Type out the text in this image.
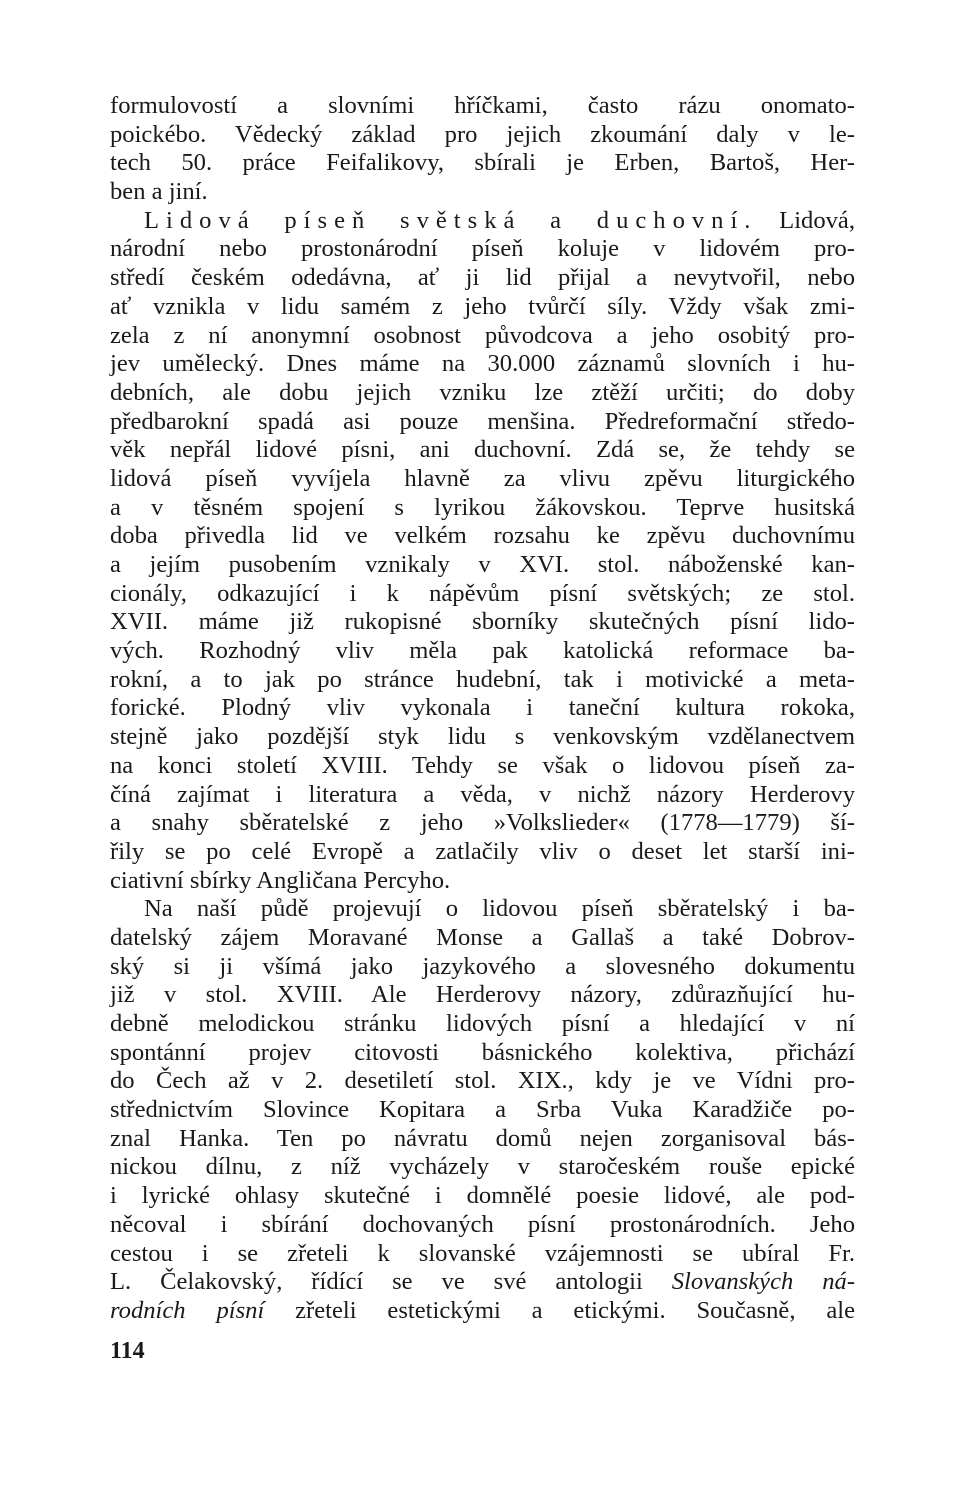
formulovostí a slovními hříčkami, často rázu onomato-
poickébo. Vědecký základ pro jejich zkoumání daly v le-
tech 50. práce Feifalikovy, sbírali je Erben, Bartoš, Her-
ben a jiní.
Lidová píseň světská a duchovní. Lidová,
národní nebo prostonárodní píseň koluje v lidovém pro-
středí českém odedávna, ať ji lid přijal a nevytvořil, nebo
ať vznikla v lidu samém z jeho tvůrčí síly. Vždy však zmi-
zela z ní anonymní osobnost původcova a jeho osobitý pro-
jev umělecký. Dnes máme na 30.000 záznamů slovních i hu-
debních, ale dobu jejich vzniku lze ztěží určiti; do doby
předbarokní spadá asi pouze menšina. Předreformační středo-
věk nepřál lidové písni, ani duchovní. Zdá se, že tehdy se
lidová píseň vyvíjela hlavně za vlivu zpěvu liturgického
a v těsném spojení s lyrikou žákovskou. Teprve husitská
doba přivedla lid ve velkém rozsahu ke zpěvu duchovnímu
a jejím pusobením vznikaly v XVI. stol. náboženské kan-
cionály, odkazující i k nápěvům písní světských; ze stol.
XVII. máme již rukopisné sborníky skutečných písní lido-
vých. Rozhodný vliv měla pak katolická reformace ba-
rokní, a to jak po stránce hudební, tak i motivické a meta-
forické. Plodný vliv vykonala i taneční kultura rokoka,
stejně jako pozdější styk lidu s venkovským vzdělanectvem
na konci století XVIII. Tehdy se však o lidovou píseň za-
číná zajímat i literatura a věda, v nichž názory Herderovy
a snahy sběratelské z jeho »Volkslieder« (1778—1779) ší-
řily se po celé Evropě a zatlačily vliv o deset let starší ini-
ciativní sbírky Angličana Percyho.
Na naší půdě projevují o lidovou píseň sběratelský i ba-
datelský zájem Moravané Monse a Gallaš a také Dobrov-
ský si ji všímá jako jazykového a slovesného dokumentu
již v stol. XVIII. Ale Herderovy názory, zdůrazňující hu-
debně melodickou stránku lidových písní a hledající v ní
spontánní projev citovosti básnického kolektiva, přichází
do Čech až v 2. desetiletí stol. XIX., kdy je ve Vídni pro-
střednictvím Slovince Kopitara a Srba Vuka Karadžiče po-
znal Hanka. Ten po návratu domů nejen zorganisoval bás-
nickou dílnu, z níž vycházely v staročeském rouše epické
i lyrické ohlasy skutečné i domnělé poesie lidové, ale pod-
něcoval i sbírání dochovaných písní prostonárodních. Jeho
cestou i se zřeteli k slovanské vzájemnosti se ubíral Fr.
L. Čelakovský, řídící se ve své antologii Slovanských ná-
rodních písní zřeteli estetickými a etickými. Současně, ale
114
